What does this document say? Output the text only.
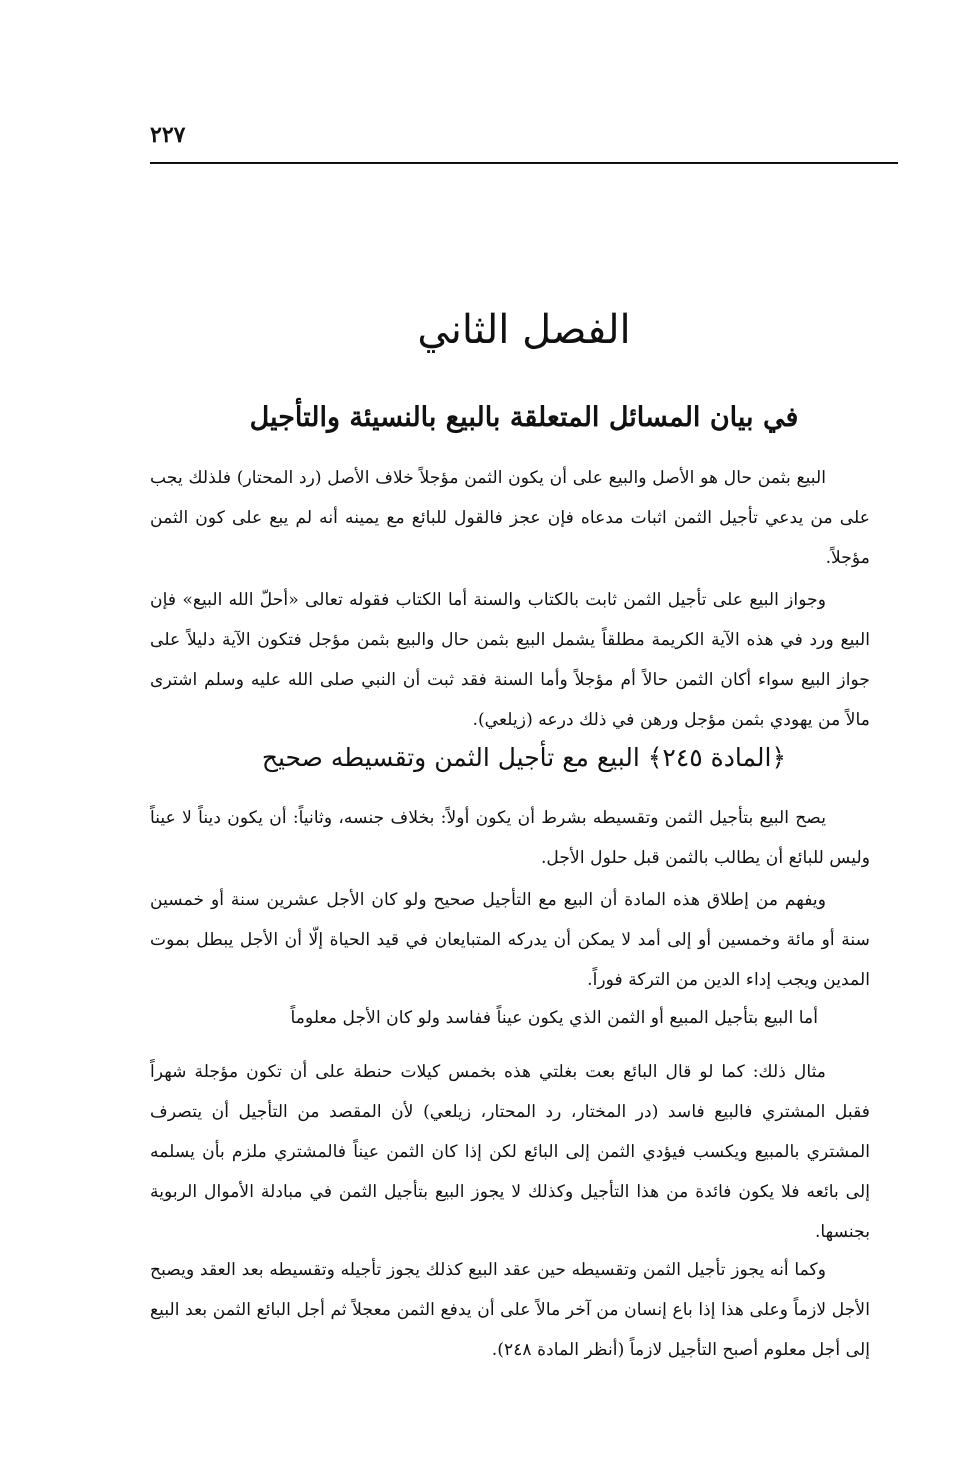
٢٢٧
الفصل الثاني
في بيان المسائل المتعلقة بالبيع بالنسيئة والتأجيل

البيع بثمن حال هو الأصل والبيع على أن يكون الثمن مؤجلاً خلاف الأصل (رد المحتار) فلذلك يجب على من يدعي تأجيل الثمن اثبات مدعاه فإن عجز فالقول للبائع مع يمينه أنه لم يبع على كون الثمن مؤجلاً.

وجواز البيع على تأجيل الثمن ثابت بالكتاب والسنة أما الكتاب فقوله تعالى «أحلّ الله البيع» فإن البيع ورد في هذه الآية الكريمة مطلقاً يشمل البيع بثمن حال والبيع بثمن مؤجل فتكون الآية دليلاً على جواز البيع سواء أكان الثمن حالاً أم مؤجلاً وأما السنة فقد ثبت أن النبي صلى الله عليه وسلم اشترى مالاً من يهودي بثمن مؤجل ورهن في ذلك درعه (زيلعي).

﴿المادة ٢٤٥﴾ البيع مع تأجيل الثمن وتقسيطه صحيح

يصح البيع بتأجيل الثمن وتقسيطه بشرط أن يكون أولاً: بخلاف جنسه، وثانياً: أن يكون ديناً لا عيناً وليس للبائع أن يطالب بالثمن قبل حلول الأجل.

ويفهم من إطلاق هذه المادة أن البيع مع التأجيل صحيح ولو كان الأجل عشرين سنة أو خمسين سنة أو مائة وخمسين أو إلى أمد لا يمكن أن يدركه المتبايعان في قيد الحياة إلّا أن الأجل يبطل بموت المدين ويجب إداء الدين من التركة فوراً.

أما البيع بتأجيل المبيع أو الثمن الذي يكون عيناً ففاسد ولو كان الأجل معلوماً

مثال ذلك: كما لو قال البائع بعت بغلتي هذه بخمس كيلات حنطة على أن تكون مؤجلة شهراً فقبل المشتري فالبيع فاسد (در المختار، رد المحتار، زيلعي) لأن المقصد من التأجيل أن يتصرف المشتري بالمبيع ويكسب فيؤدي الثمن إلى البائع لكن إذا كان الثمن عيناً فالمشتري ملزم بأن يسلمه إلى بائعه فلا يكون فائدة من هذا التأجيل وكذلك لا يجوز البيع بتأجيل الثمن في مبادلة الأموال الربوية بجنسها.

وكما أنه يجوز تأجيل الثمن وتقسيطه حين عقد البيع كذلك يجوز تأجيله وتقسيطه بعد العقد ويصبح الأجل لازماً وعلى هذا إذا باع إنسان من آخر مالاً على أن يدفع الثمن معجلاً ثم أجل البائع الثمن بعد البيع إلى أجل معلوم أصبح التأجيل لازماً (أنظر المادة ٢٤٨).
